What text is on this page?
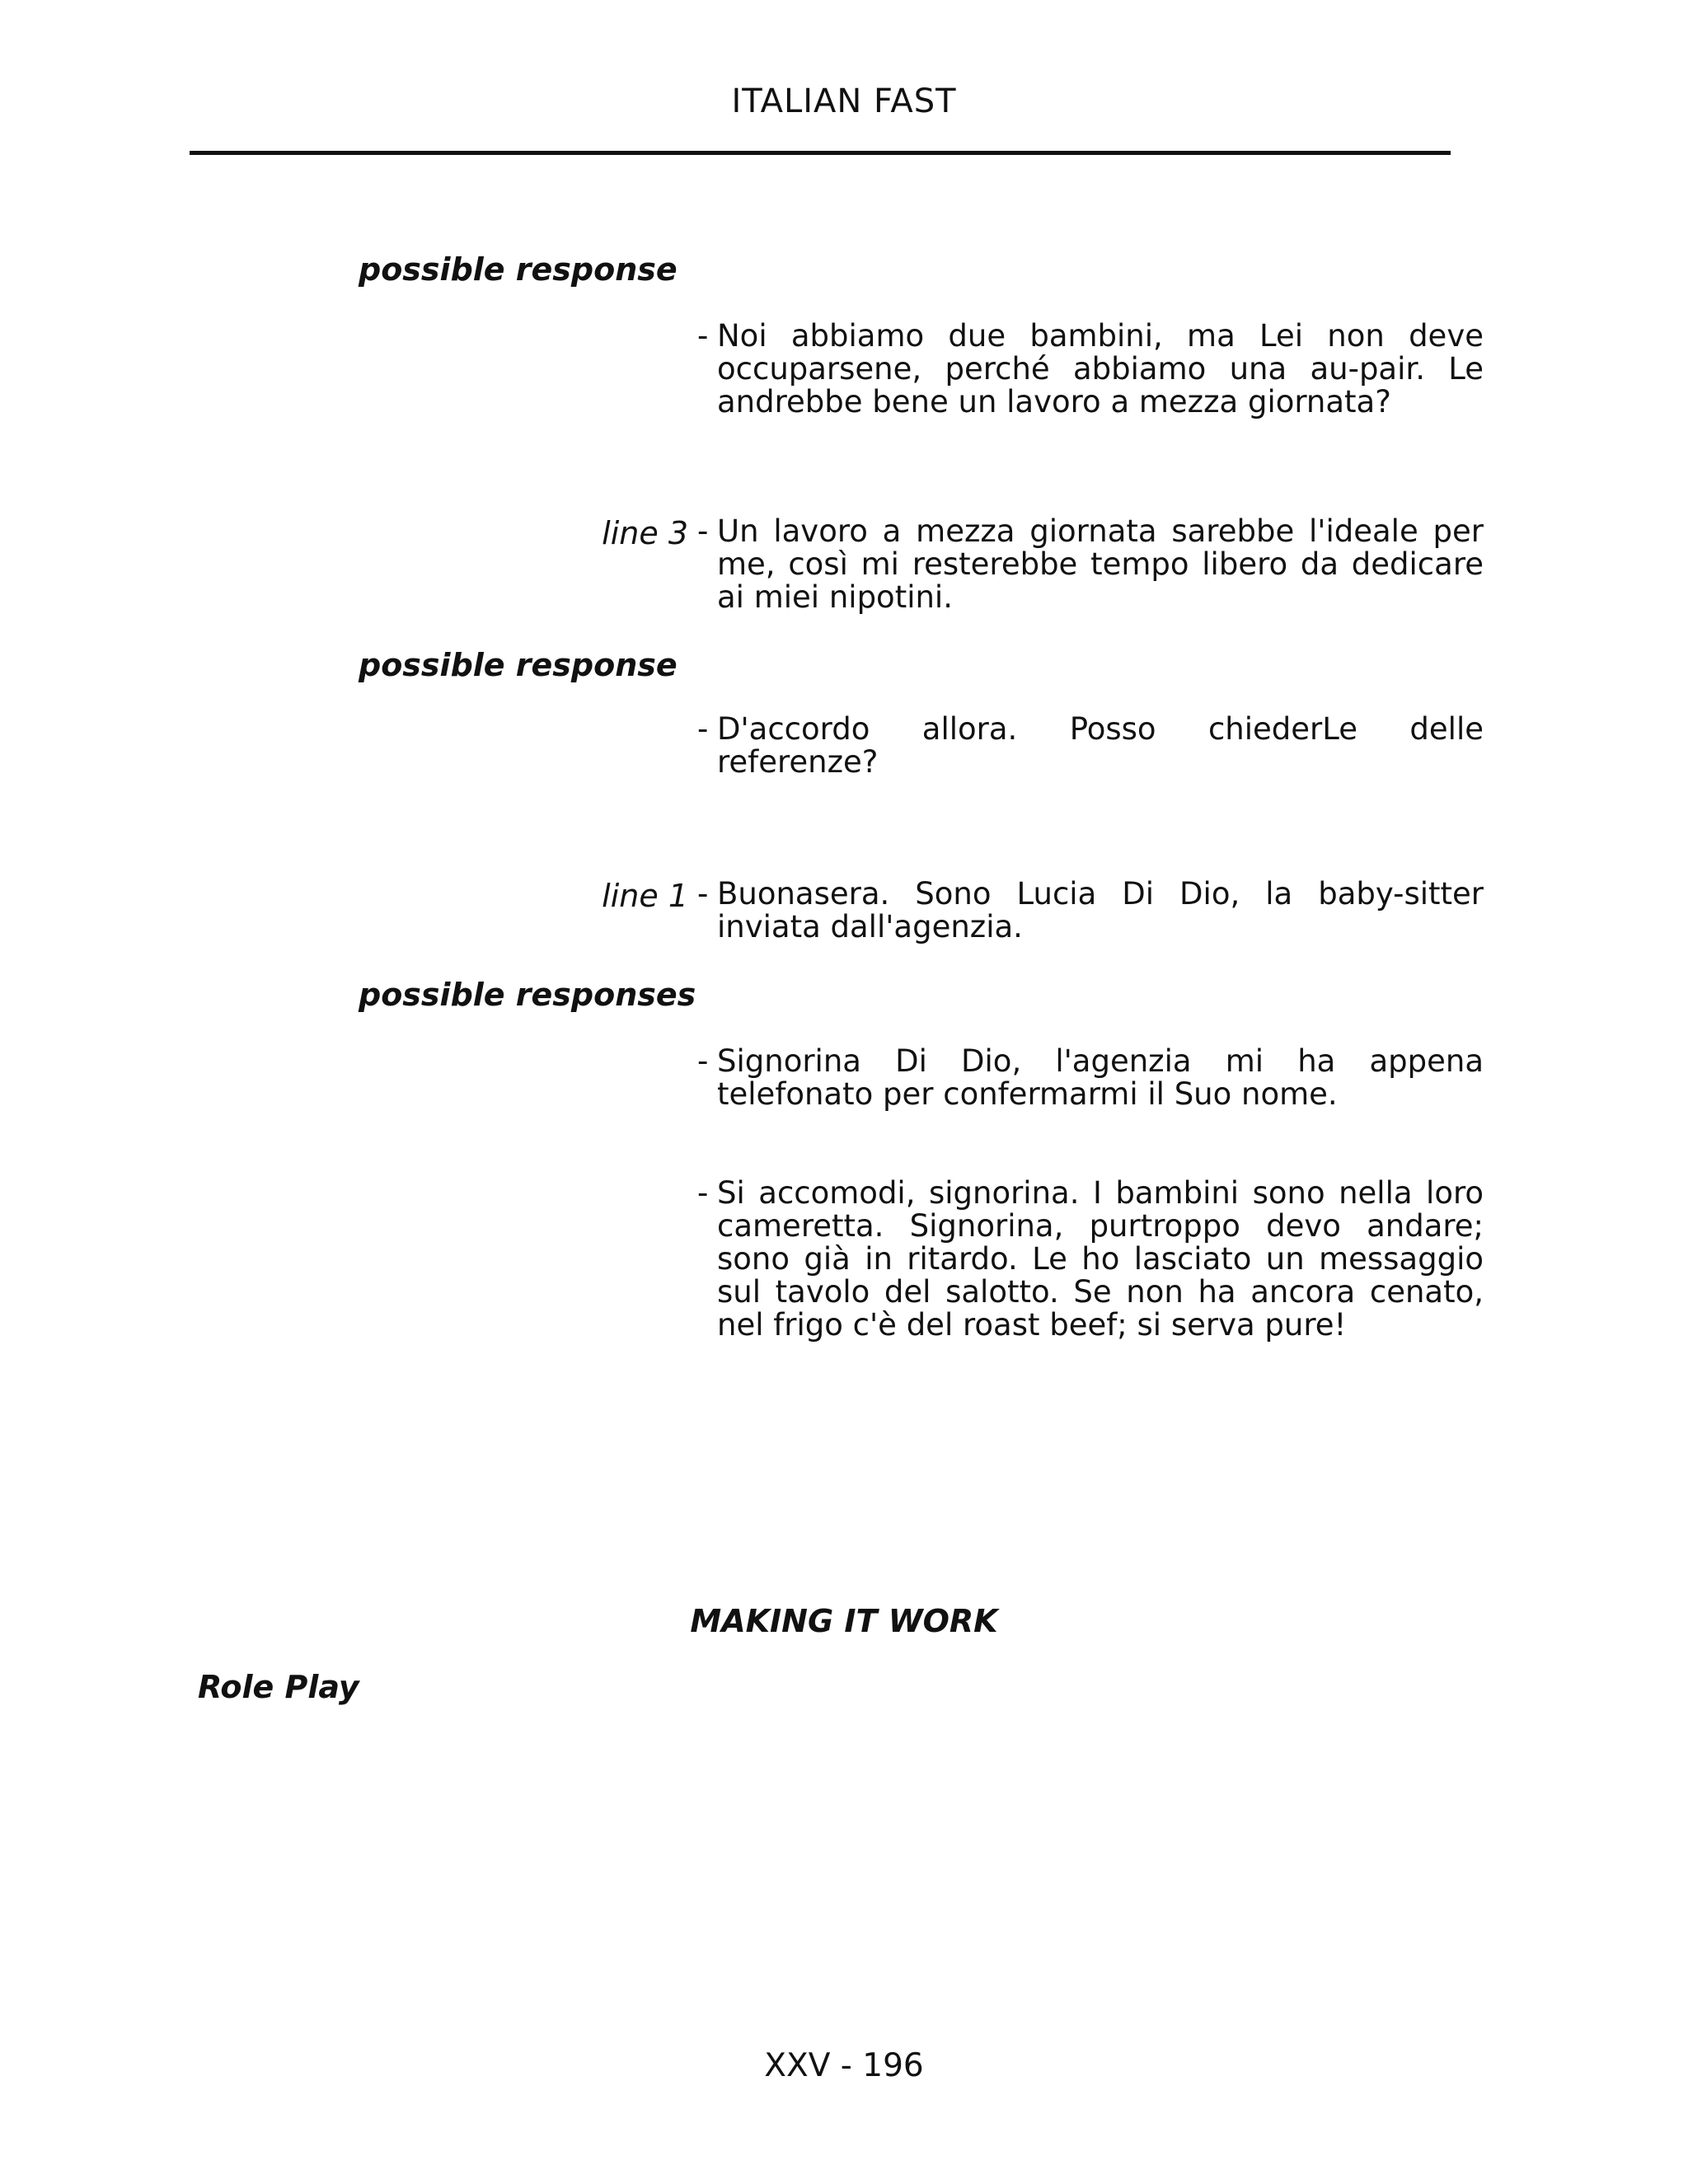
ITALIAN FAST
possible response
- Noi abbiamo due bambini, ma Lei non deve occuparsene, perché abbiamo una au-pair. Le andrebbe bene un lavoro a mezza giornata?
line 3 - Un lavoro a mezza giornata sarebbe l'ideale per me, così mi resterebbe tempo libero da dedicare ai miei nipotini.
possible response
- D'accordo allora. Posso chiederLe delle referenze?
line 1 - Buonasera. Sono Lucia Di Dio, la baby-sitter inviata dall'agenzia.
possible responses
- Signorina Di Dio, l'agenzia mi ha appena telefonato per confermarmi il Suo nome.
- Si accomodi, signorina. I bambini sono nella loro cameretta. Signorina, purtroppo devo andare; sono già in ritardo. Le ho lasciato un messaggio sul tavolo del salotto. Se non ha ancora cenato, nel frigo c'è del roast beef; si serva pure!
MAKING IT WORK
Role Play
XXV - 196
